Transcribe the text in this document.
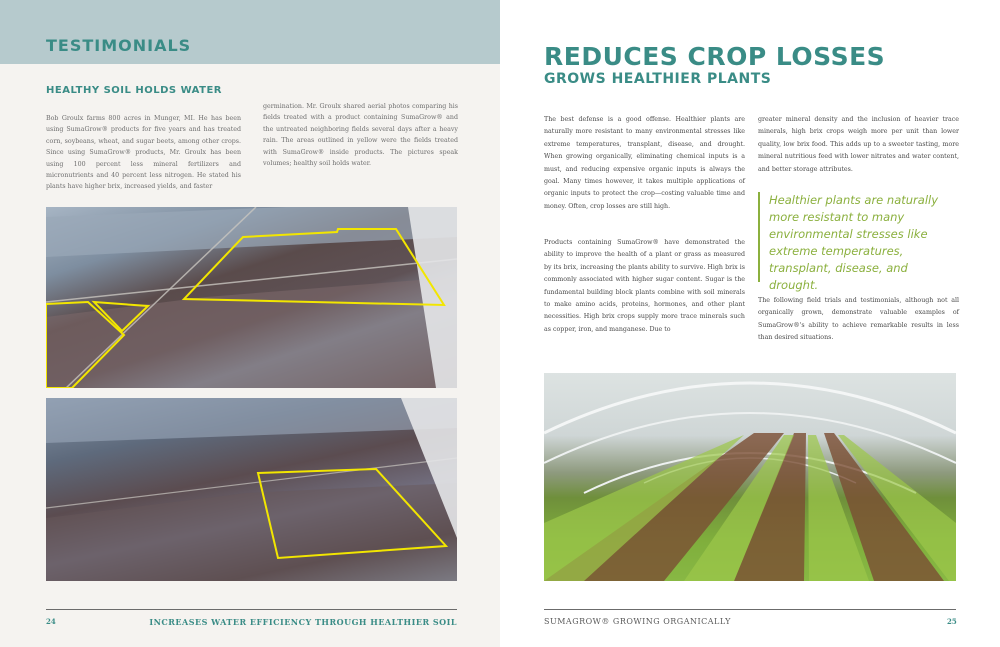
TESTIMONIALS
HEALTHY SOIL HOLDS WATER

Bob Groulx farms 800 acres in Munger, MI. He has been using SumaGrow® products for five years and has treated corn, soybeans, wheat, and sugar beets, among other crops. Since using SumaGrow® products, Mr. Groulx has been using 100 percent less mineral fertilizers and micronutrients and 40 percent less nitrogen. He stated his plants have higher brix, increased yields, and faster

germination. Mr. Groulx shared aerial photos comparing his fields treated with a product containing SumaGrow® and the untreated neighboring fields several days after a heavy rain. The areas outlined in yellow were the fields treated with SumaGrow® inside products. The pictures speak volumes; healthy soil holds water.

24	INCREASES WATER EFFICIENCY THROUGH HEALTHIER SOIL
REDUCES CROP LOSSES
GROWS HEALTHIER PLANTS

The best defense is a good offense. Healthier plants are naturally more resistant to many environmental stresses like extreme temperatures, transplant, disease, and drought. When growing organically, eliminating chemical inputs is a must, and reducing expensive organic inputs is always the goal. Many times however, it takes multiple applications of organic inputs to protect the crop—costing valuable time and money. Often, crop losses are still high.

Products containing SumaGrow® have demonstrated the ability to improve the health of a plant or grass as measured by its brix, increasing the plants ability to survive. High brix is commonly associated with higher sugar content. Sugar is the fundamental building block plants combine with soil minerals to make amino acids, proteins, hormones, and other plant necessities. High brix crops supply more trace minerals such as copper, iron, and manganese. Due to

greater mineral density and the inclusion of heavier trace minerals, high brix crops weigh more per unit than lower quality, low brix food. This adds up to a sweeter tasting, more mineral nutritious feed with lower nitrates and water content, and better storage attributes.

Healthier plants are naturally more resistant to many environmental stresses like extreme temperatures, transplant, disease, and drought.

The following field trials and testimonials, although not all organically grown, demonstrate valuable examples of SumaGrow®'s ability to achieve remarkable results in less than desired situations.

SUMAGROW® GROWING ORGANICALLY	25
